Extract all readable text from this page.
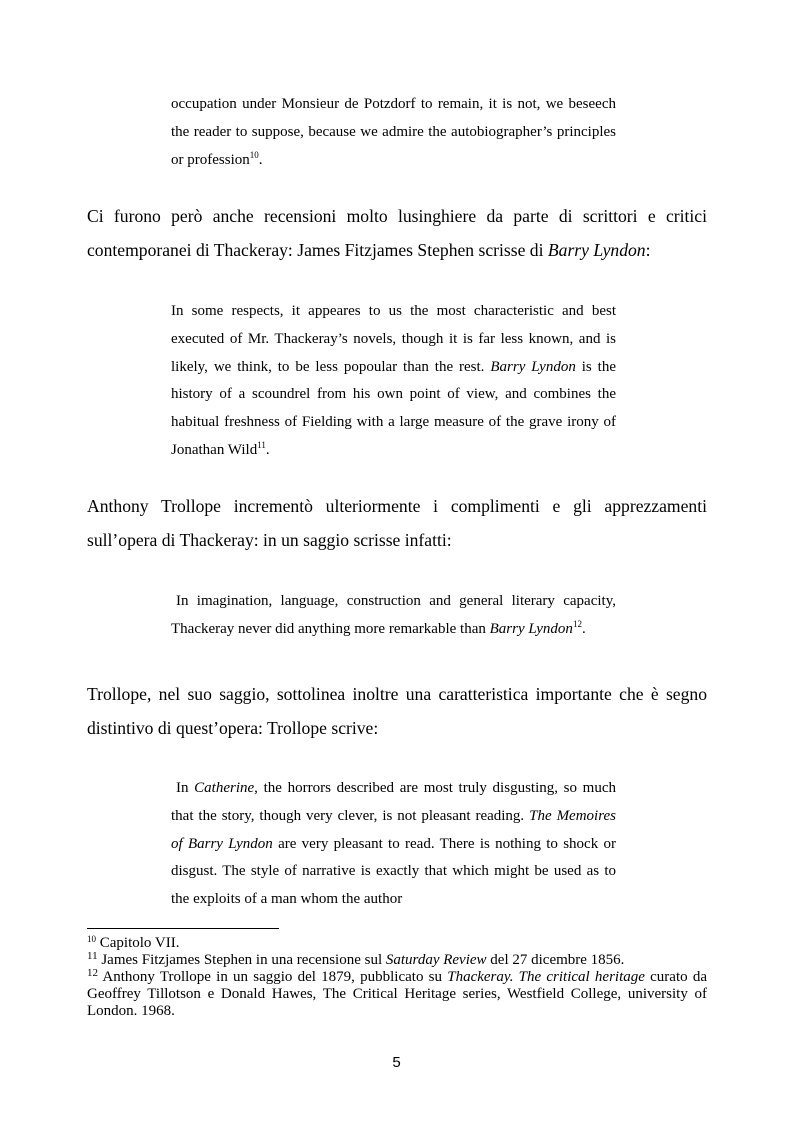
occupation under Monsieur de Potzdorf to remain, it is not, we beseech the reader to suppose, because we admire the autobiographer’s principles or profession$^{10}$.

Ci furono però anche recensioni molto lusinghiere da parte di scrittori e critici contemporanei di Thackeray: James Fitzjames Stephen scrisse di Barry Lyndon:

In some respects, it appeares to us the most characteristic and best executed of Mr. Thackeray’s novels, though it is far less known, and is likely, we think, to be less popoular than the rest. Barry Lyndon is the history of a scoundrel from his own point of view, and combines the habitual freshness of Fielding with a large measure of the grave irony of Jonathan Wild$^{11}$.

Anthony Trollope incrementò ulteriormente i complimenti e gli apprezzamenti sull’opera di Thackeray: in un saggio scrisse infatti:

In imagination, language, construction and general literary capacity,

Thackeray never did anything more remarkable than Barry Lyndon$^{12}$.

Trollope, nel suo saggio, sottolinea inoltre una caratteristica importante che è segno distintivo di quest’opera: Trollope scrive:

In Catherine, the horrors described are most truly disgusting, so much that the story, though very clever, is not pleasant reading. The Memoires of Barry Lyndon are very pleasant to read. There is nothing to shock or disgust. The style of narrative is exactly that which might be used as to the exploits of a man whom the author

$^{10}$ Capitolo VII.

$^{11}$ James Fitzjames Stephen in una recensione sul Saturday Review del 27 dicembre 1856.

$^{12}$ Anthony Trollope in un saggio del 1879, pubblicato su Thackeray. The critical heritage curato da Geoffrey Tillotson e Donald Hawes, The Critical Heritage series, Westfield College, university of London. 1968.

5
